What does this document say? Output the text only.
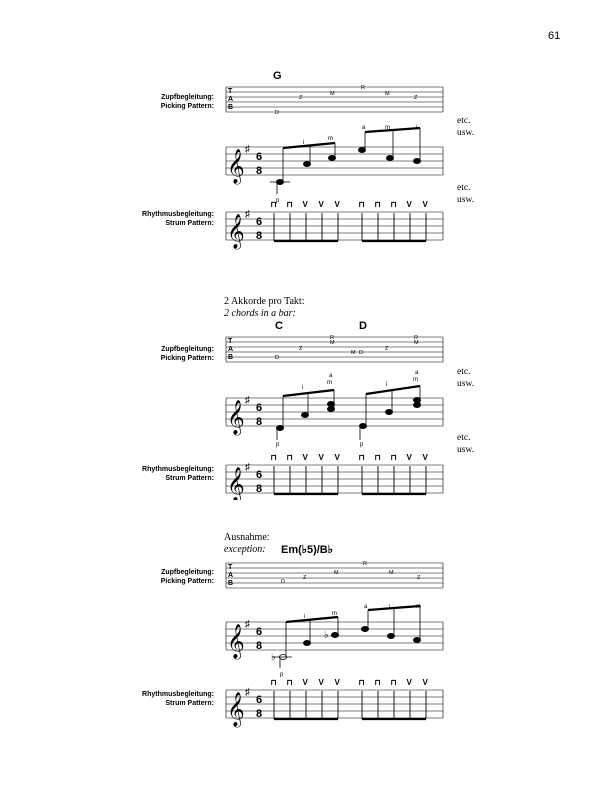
61
G
Zupfbegleitung:
Picking Pattern:
Rhythmusbegleitung:
Strum Pattern:
etc.
usw.
etc.
usw.
T
A
B
D
Z
M
R
M
Z
𝄞
♯
6
8
p
i
m
a	m	i
𝄞
♯
6
8
⊓ ⊓ V V V ⊓ ⊓ ⊓ V V
2 Akkorde pro Takt:
2 chords in a bar:
C	D
Zupfbegleitung:
Picking Pattern:
Rhythmusbegleitung:
Strum Pattern:
etc.
usw.
etc.
usw.
T
A
B	D
Z
M
R
M D
Z
M
R
𝄞
♯
6
8
p
i
a
m
p
i
a
m
𝄞
♯
6
8
⊓ ⊓ V V V ⊓ ⊓ ⊓ V V
Ausnahme:
exception:	Em(♭5)/B♭
Zupfbegleitung:
Picking Pattern:
Rhythmusbegleitung:
Strum Pattern:
T
A
B	D
Z
M
R
M
Z
𝄞
♯
6
8
♭
♭
p
i	m
a	i	m
𝄞
♯
6
8
⊓ ⊓ V V V ⊓ ⊓ ⊓ V V
